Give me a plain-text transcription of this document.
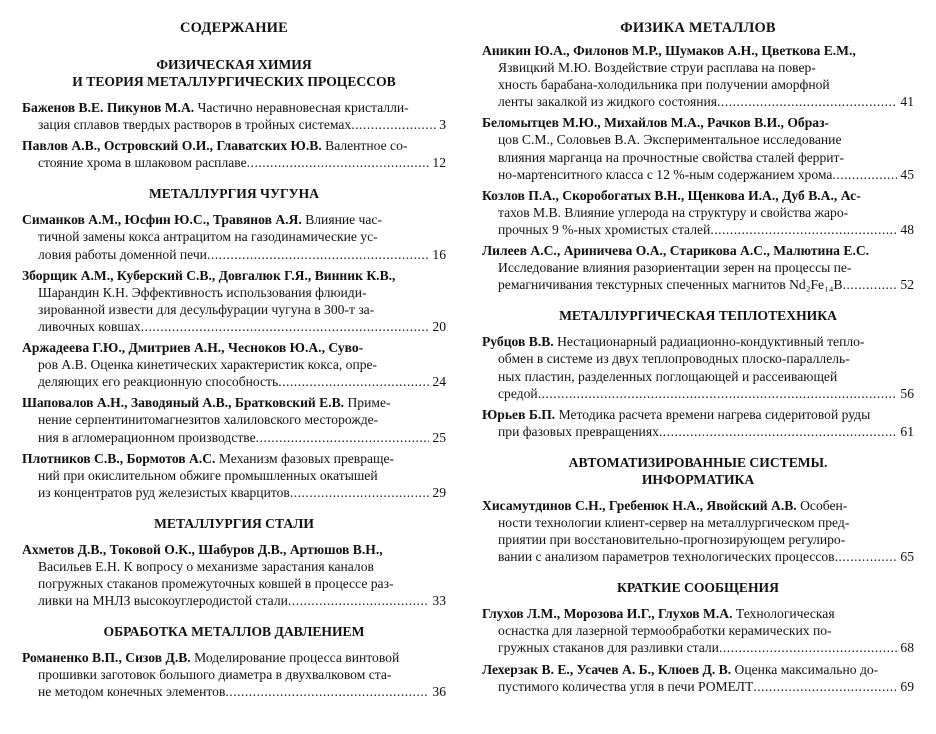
СОДЕРЖАНИЕ
ФИЗИЧЕСКАЯ ХИМИЯ
И ТЕОРИЯ МЕТАЛЛУРГИЧЕСКИХ ПРОЦЕССОВ
Баженов В.Е. Пикунов М.А. Частично неравновесная кристалли-
зация сплавов твердых растворов в тройных системах .....	3
Павлов А.В., Островский О.И., Главатских Ю.В. Валентное со-
стояние хрома в шлаковом расплаве .....	12
МЕТАЛЛУРГИЯ ЧУГУНА
Симанков А.М., Юсфин Ю.С., Травянов А.Я. Влияние час-
тичной замены кокса антрацитом на газодинамические ус-
ловия работы доменной печи .....	16
Зборщик А.М., Куберский С.В., Довгалюк Г.Я., Винник К.В.,
Шарандин К.Н. Эффективность использования флюиди-
зированной извести для десульфурации чугуна в 300-т за-
ливочных ковшах .....	20
Аржадеева Г.Ю., Дмитриев А.Н., Чесноков Ю.А., Суво-
ров А.В. Оценка кинетических характеристик кокса, опре-
деляющих его реакционную способность .....	24
Шаповалов А.Н., Заводяный А.В., Братковский Е.В. Приме-
нение серпентинитомагнезитов халиловского месторожде-
ния в агломерационном производстве .....	25
Плотников С.В., Бормотов А.С. Механизм фазовых превраще-
ний при окислительном обжиге промышленных окатышей
из концентратов руд железистых кварцитов .....	29
МЕТАЛЛУРГИЯ СТАЛИ
Ахметов Д.В., Токовой О.К., Шабуров Д.В., Артюшов В.Н.,
Васильев Е.Н. К вопросу о механизме зарастания каналов
погружных стаканов промежуточных ковшей в процессе раз-
ливки на МНЛЗ высокоуглеродистой стали .....	33
ОБРАБОТКА МЕТАЛЛОВ ДАВЛЕНИЕМ
Романенко В.П., Сизов Д.В. Моделирование процесса винтовой
прошивки заготовок большого диаметра в двухвалковом ста-
не методом конечных элементов .....	36
ФИЗИКА МЕТАЛЛОВ
Аникин Ю.А., Филонов М.Р., Шумаков А.Н., Цветкова Е.М.,
Язвицкий М.Ю. Воздействие струи расплава на повер-
хность барабана-холодильника при получении аморфной
ленты закалкой из жидкого состояния .....	41
Беломытцев М.Ю., Михайлов М.А., Рачков В.И., Образ-
цов С.М., Соловьев В.А. Экспериментальное исследование
влияния марганца на прочностные свойства сталей феррит-
но-мартенситного класса с 12 %-ным содержанием хрома .....	45
Козлов П.А., Скоробогатых В.Н., Щенкова И.А., Дуб В.А., Ас-
тахов М.В. Влияние углерода на структуру и свойства жаро-
прочных 9 %-ных хромистых сталей .....	48
Лилеев А.С., Ариничева О.А., Старикова А.С., Малютина Е.С.
Исследование влияния разориентации зерен на процессы пе-
ремагничивания текстурных спеченных магнитов Nd₂Fe₁₄B .....	52
МЕТАЛЛУРГИЧЕСКАЯ ТЕПЛОТЕХНИКА
Рубцов В.В. Нестационарный радиационно-кондуктивный тепло-
обмен в системе из двух теплопроводных плоско-параллель-
ных пластин, разделенных поглощающей и рассеивающей
средой .....	56
Юрьев Б.П. Методика расчета времени нагрева сидеритовой руды
при фазовых превращениях .....	61
АВТОМАТИЗИРОВАННЫЕ СИСТЕМЫ.
ИНФОРМАТИКА
Хисамутдинов С.Н., Гребенюк Н.А., Явойский А.В. Особен-
ности технологии клиент-сервер на металлургическом пред-
приятии при восстановительно-прогнозирующем регулиро-
вании с анализом параметров технологических процессов .....	65
КРАТКИЕ СООБЩЕНИЯ
Глухов Л.М., Морозова И.Г., Глухов М.А. Технологическая
оснастка для лазерной термообработки керамических по-
гружных стаканов для разливки стали .....	68
Лехерзак В. Е., Усачев А. Б., Клюев Д. В. Оценка максимально до-
пустимого количества угля в печи РОМЕЛТ .....	69
